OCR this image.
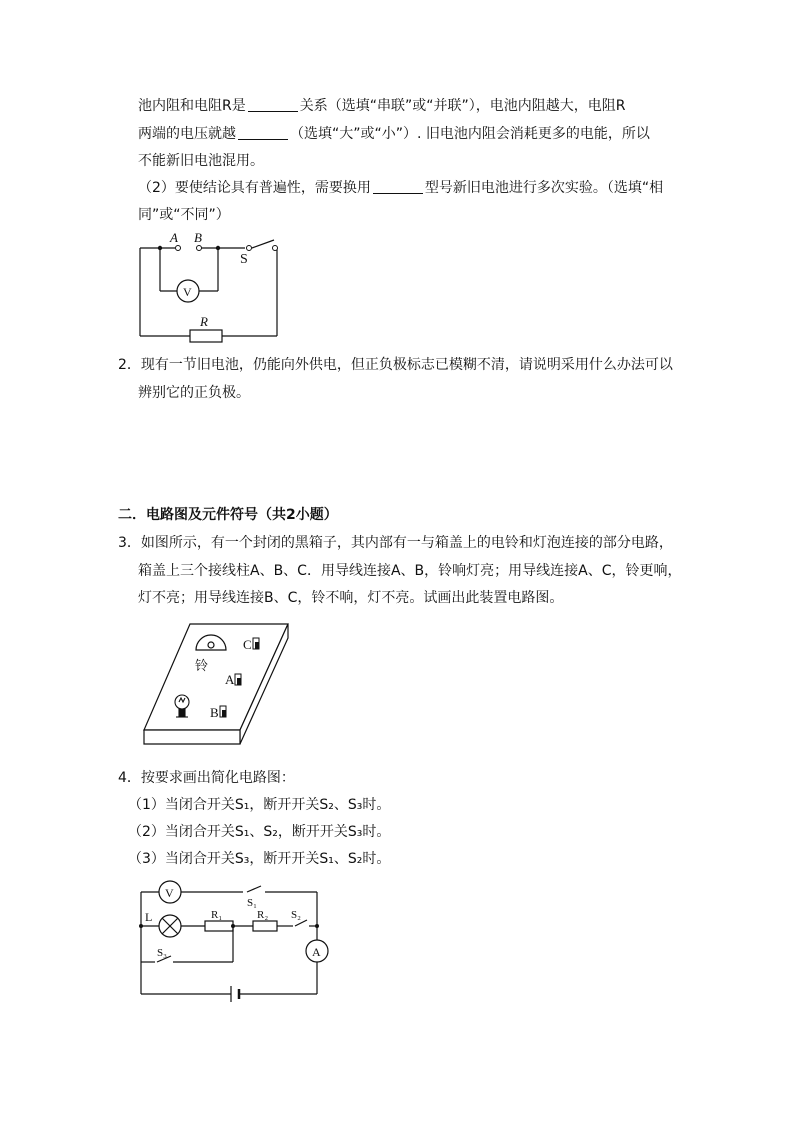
池内阻和电阻R是	关系（选填“串联”或“并联”），电池内阻越大，电阻R
两端的电压就越	（选填“大”或“小”）. 旧电池内阻会消耗更多的电能，所以
不能新旧电池混用。
（2）要使结论具有普遍性，需要换用	型号新旧电池进行多次实验。（选填“相
同”或“不同”）
A B
S
V
R
2．现有一节旧电池，仍能向外供电，但正负极标志已模糊不清，请说明采用什么办法可以
辨别它的正负极。
二．电路图及元件符号（共2小题）
3．如图所示，有一个封闭的黑箱子，其内部有一与箱盖上的电铃和灯泡连接的部分电路，
箱盖上三个接线柱A、B、C．用导线连接A、B，铃响灯亮；用导线连接A、C，铃更响，
灯不亮；用导线连接B、C，铃不响，灯不亮。试画出此装置电路图。
铃
C
A
B
4．按要求画出简化电路图：
（1）当闭合开关S₁，断开开关S₂、S₃时。
（2）当闭合开关S₁、S₂，断开开关S₃时。
（3）当闭合开关S₃，断开开关S₁、S₂时。
V
A
L
S₁
S₂
S₃
R₁	R₂
